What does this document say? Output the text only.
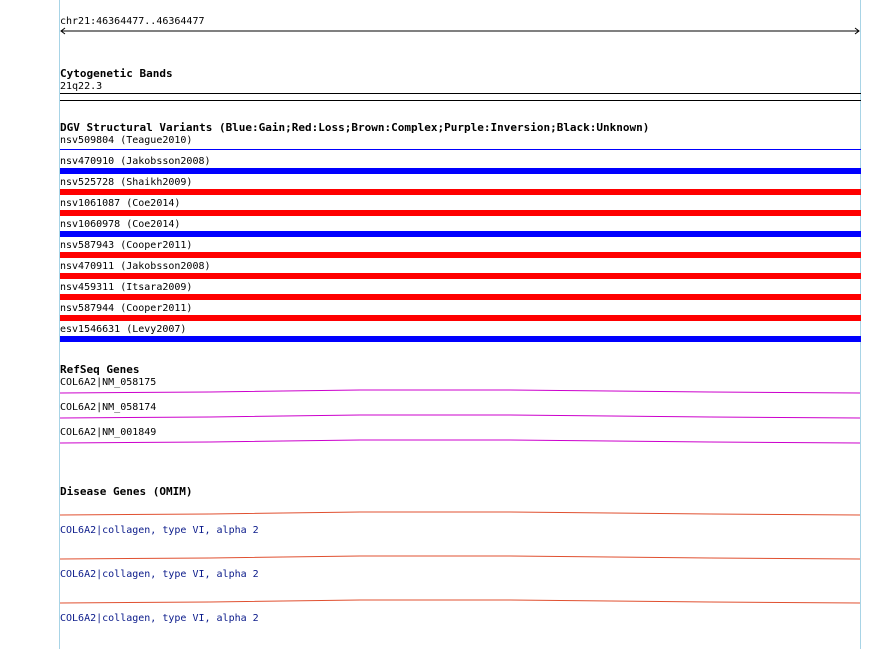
chr21:46364477..46364477
Cytogenetic Bands
21q22.3
DGV Structural Variants (Blue:Gain;Red:Loss;Brown:Complex;Purple:Inversion;Black:Unknown)
nsv509804 (Teague2010)
nsv470910 (Jakobsson2008)
nsv525728 (Shaikh2009)
nsv1061087 (Coe2014)
nsv1060978 (Coe2014)
nsv587943 (Cooper2011)
nsv470911 (Jakobsson2008)
nsv459311 (Itsara2009)
nsv587944 (Cooper2011)
esv1546631 (Levy2007)
RefSeq Genes
COL6A2|NM_058175
COL6A2|NM_058174
COL6A2|NM_001849
Disease Genes (OMIM)
COL6A2|collagen, type VI, alpha 2
COL6A2|collagen, type VI, alpha 2
COL6A2|collagen, type VI, alpha 2
